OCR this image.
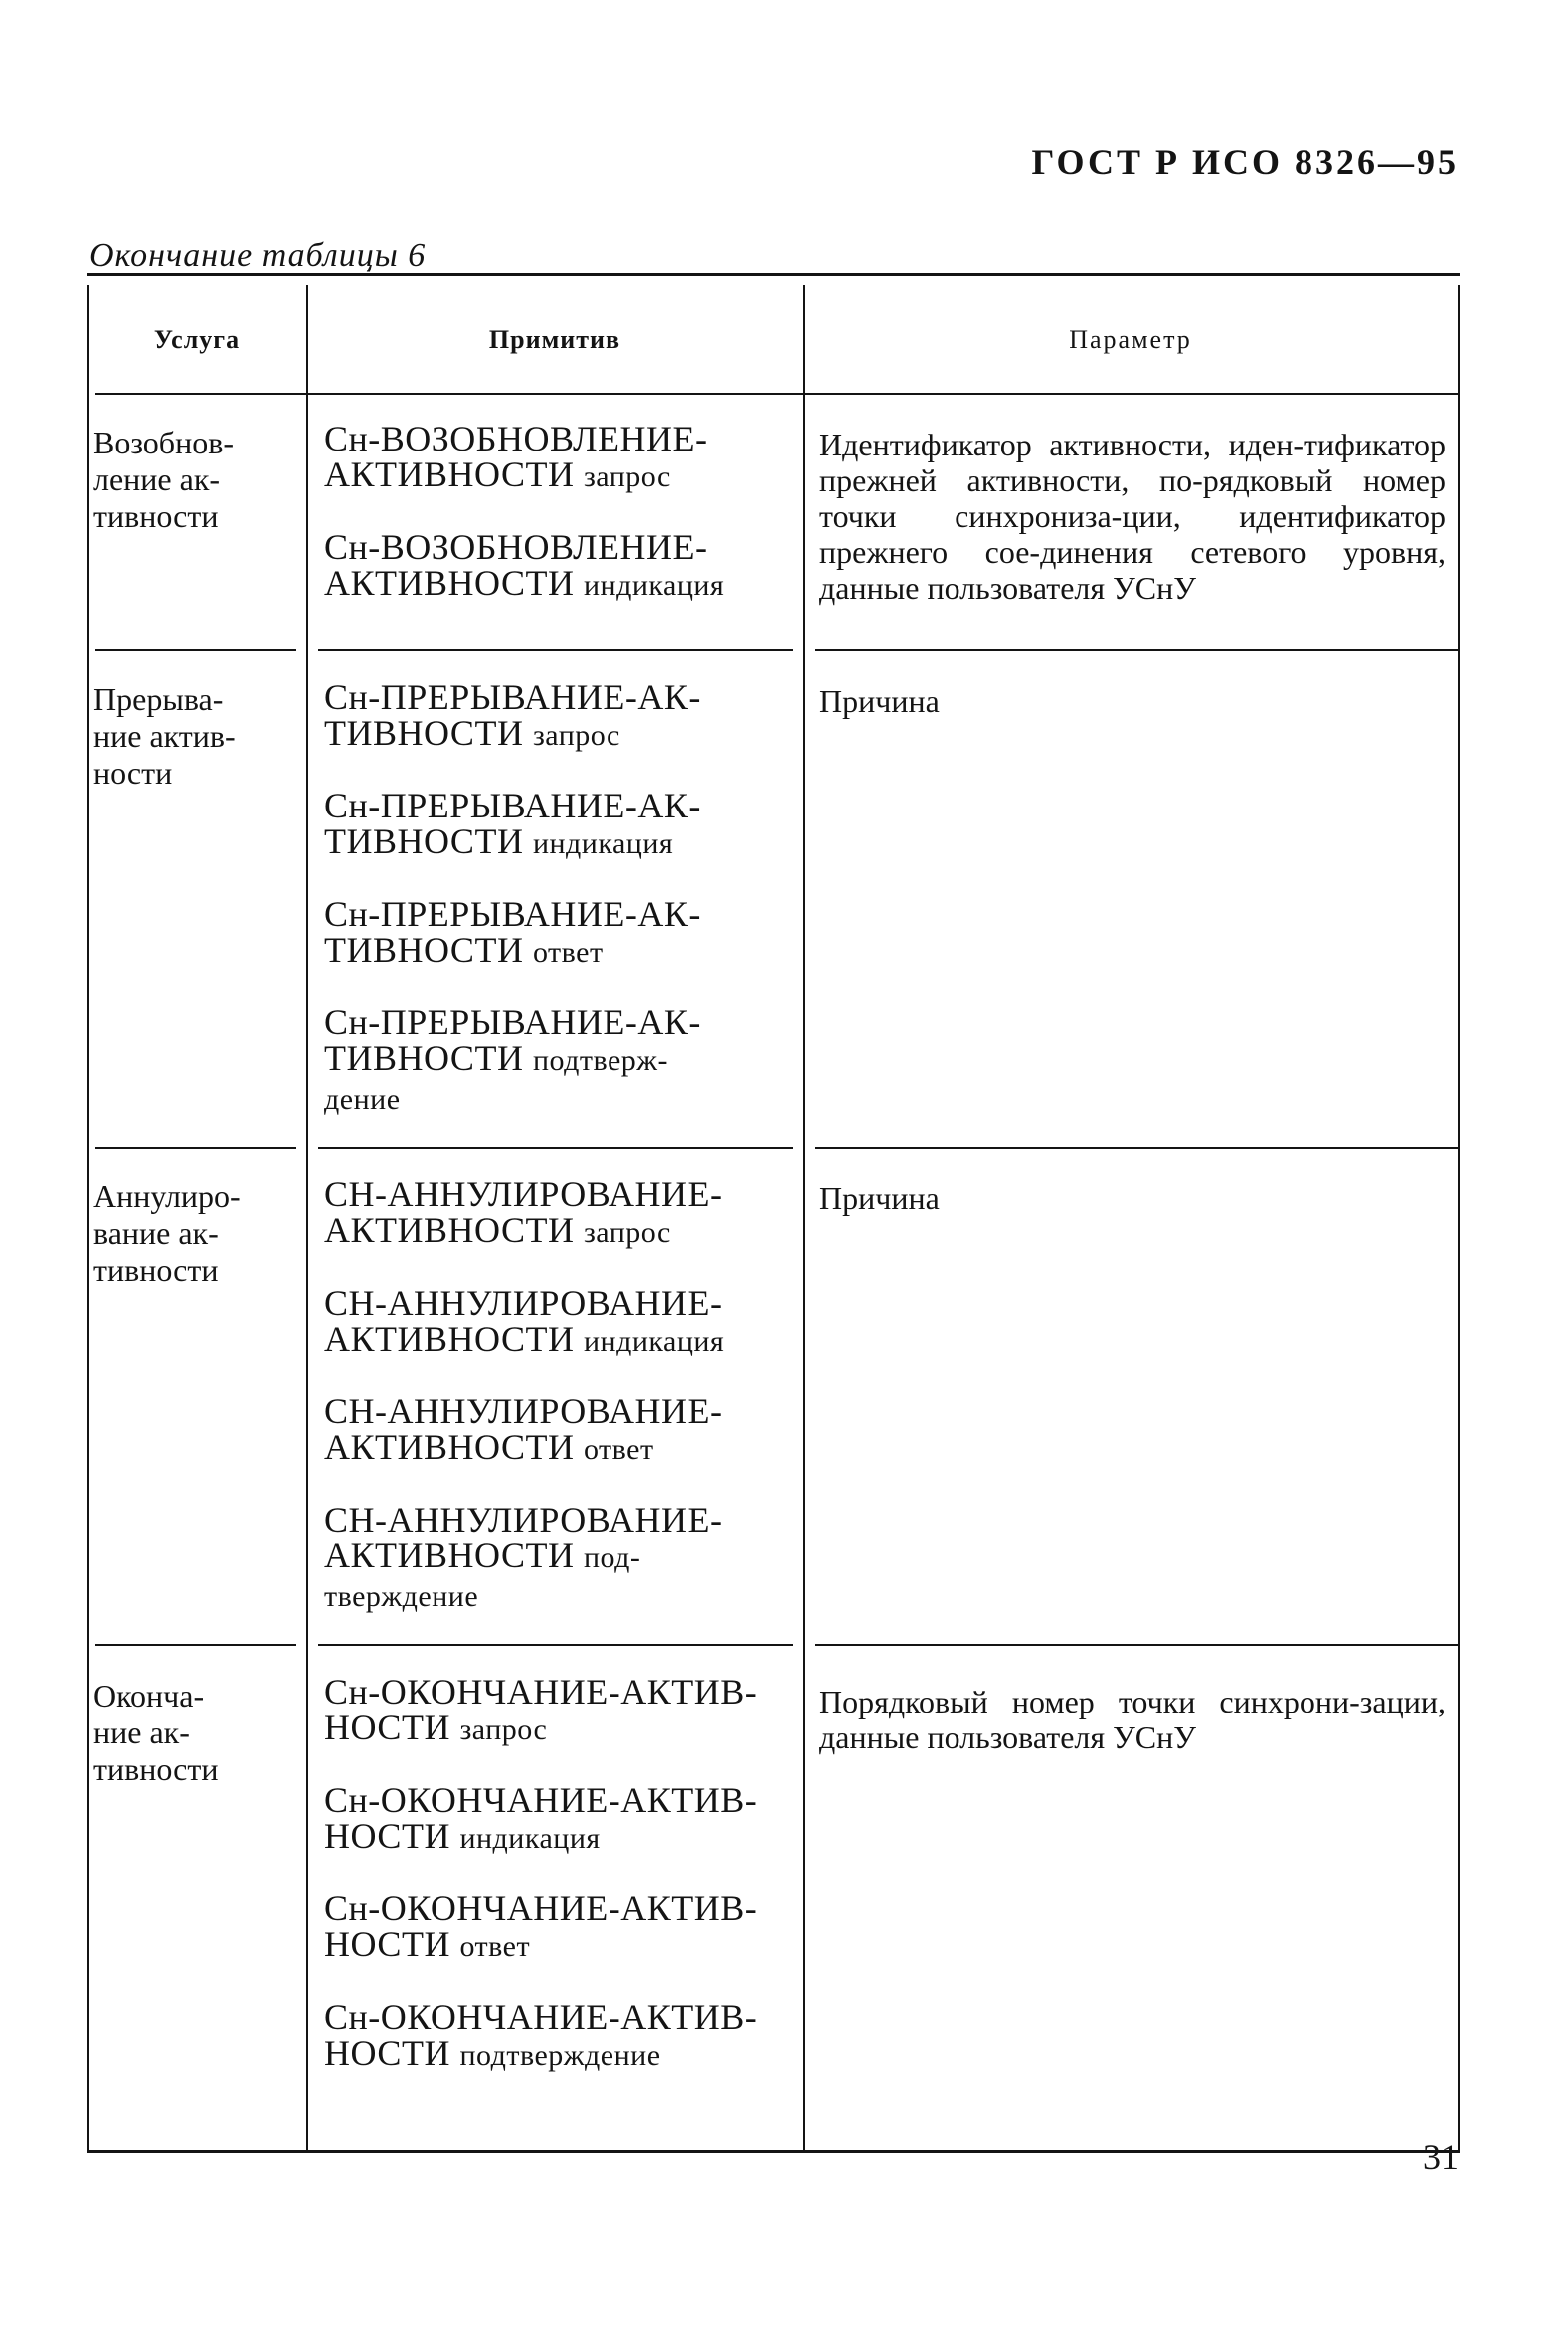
ГОСТ Р ИСО 8326—95
Окончание таблицы 6
Услуга	Примитив	Параметр
Возобнов-
ление ак-
тивности
Сн-ВОЗОБНОВЛЕНИЕ-
АКТИВНОСТИ запрос
Сн-ВОЗОБНОВЛЕНИЕ-
АКТИВНОСТИ индикация
Идентификатор активности, иден-тификатор прежней активности, по-рядковый номер точки синхрониза-ции, идентификатор прежнего сое-динения сетевого уровня, данные пользователя УСнУ
Прерыва-
ние актив-
ности
Сн-ПРЕРЫВАНИЕ-АК-
ТИВНОСТИ запрос
Сн-ПРЕРЫВАНИЕ-АК-
ТИВНОСТИ индикация
Сн-ПРЕРЫВАНИЕ-АК-
ТИВНОСТИ ответ
Сн-ПРЕРЫВАНИЕ-АК-
ТИВНОСТИ подтверж-
дение
Причина
Аннулиро-
вание ак-
тивности
СН-АННУЛИРОВАНИЕ-
АКТИВНОСТИ запрос
СН-АННУЛИРОВАНИЕ-
АКТИВНОСТИ индикация
СН-АННУЛИРОВАНИЕ-
АКТИВНОСТИ ответ
СН-АННУЛИРОВАНИЕ-
АКТИВНОСТИ под-
тверждение
Причина
Оконча-
ние ак-
тивности
Сн-ОКОНЧАНИЕ-АКТИВ-
НОСТИ запрос
Сн-ОКОНЧАНИЕ-АКТИВ-
НОСТИ индикация
Сн-ОКОНЧАНИЕ-АКТИВ-
НОСТИ ответ
Сн-ОКОНЧАНИЕ-АКТИВ-
НОСТИ подтверждение
Порядковый номер точки синхрони-зации, данные пользователя УСнУ
31
